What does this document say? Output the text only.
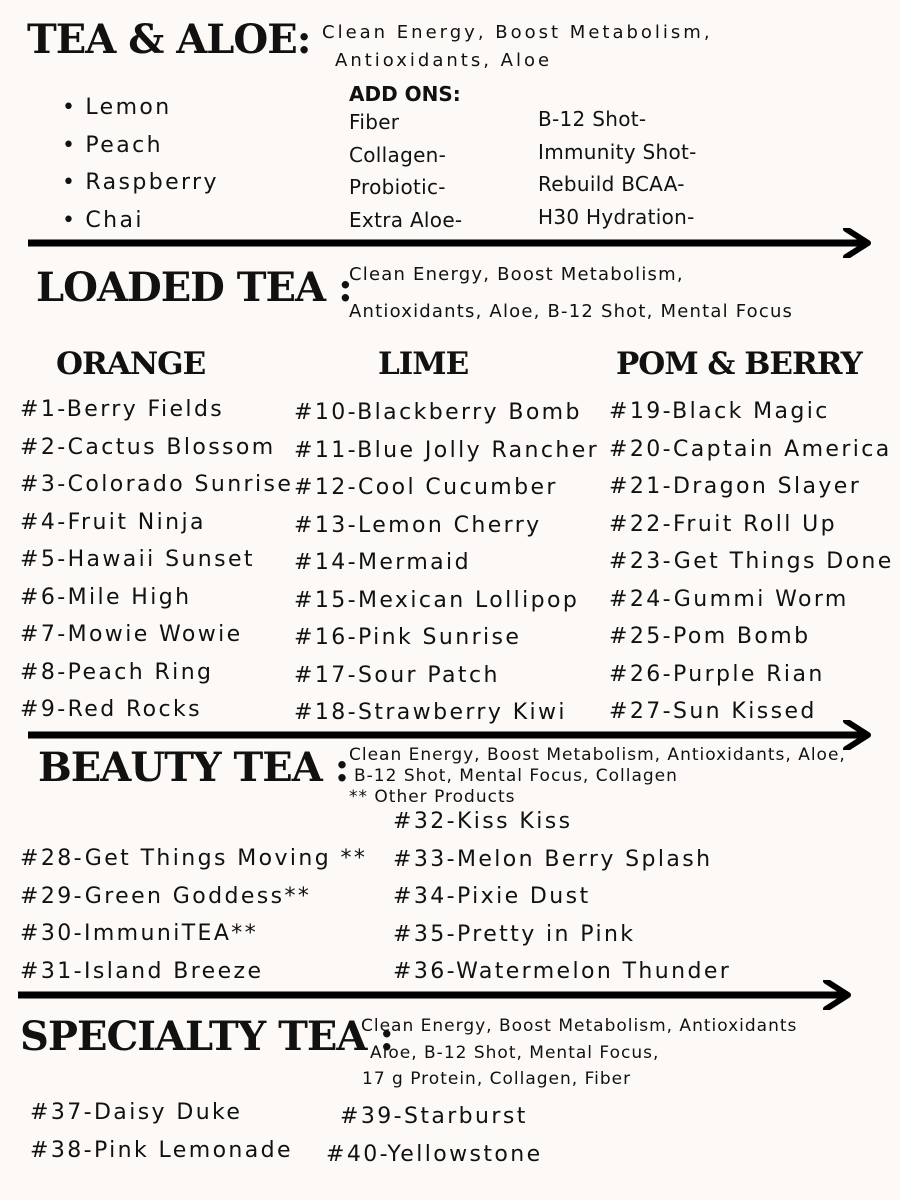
TEA & ALOE: Clean Energy, Boost Metabolism,
Antioxidants, Aloe
• Lemon
• Peach
• Raspberry
• Chai
ADD ONS:
Fiber
Collagen-
Probiotic-
Extra Aloe-
B-12 Shot-
Immunity Shot-
Rebuild BCAA-
H30 Hydration-
LOADED TEA :
Clean Energy, Boost Metabolism,
Antioxidants, Aloe, B-12 Shot, Mental Focus
ORANGE	LIME	POM & BERRY
#1-Berry Fields
#2-Cactus Blossom
#3-Colorado Sunrise
#4-Fruit Ninja
#5-Hawaii Sunset
#6-Mile High
#7-Mowie Wowie
#8-Peach Ring
#9-Red Rocks
#10-Blackberry Bomb
#11-Blue Jolly Rancher
#12-Cool Cucumber
#13-Lemon Cherry
#14-Mermaid
#15-Mexican Lollipop
#16-Pink Sunrise
#17-Sour Patch
#18-Strawberry Kiwi
#19-Black Magic
#20-Captain America
#21-Dragon Slayer
#22-Fruit Roll Up
#23-Get Things Done
#24-Gummi Worm
#25-Pom Bomb
#26-Purple Rian
#27-Sun Kissed
BEAUTY TEA : Clean Energy, Boost Metabolism, Antioxidants, Aloe,
B-12 Shot, Mental Focus, Collagen
** Other Products
#28-Get Things Moving **
#29-Green Goddess**
#30-ImmuniTEA**
#31-Island Breeze
#32-Kiss Kiss
#33-Melon Berry Splash
#34-Pixie Dust
#35-Pretty in Pink
#36-Watermelon Thunder
SPECIALTY TEA :
Clean Energy, Boost Metabolism, Antioxidants
Aloe, B-12 Shot, Mental Focus,
17 g Protein, Collagen, Fiber
#37-Daisy Duke
#38-Pink Lemonade
#39-Starburst
#40-Yellowstone
